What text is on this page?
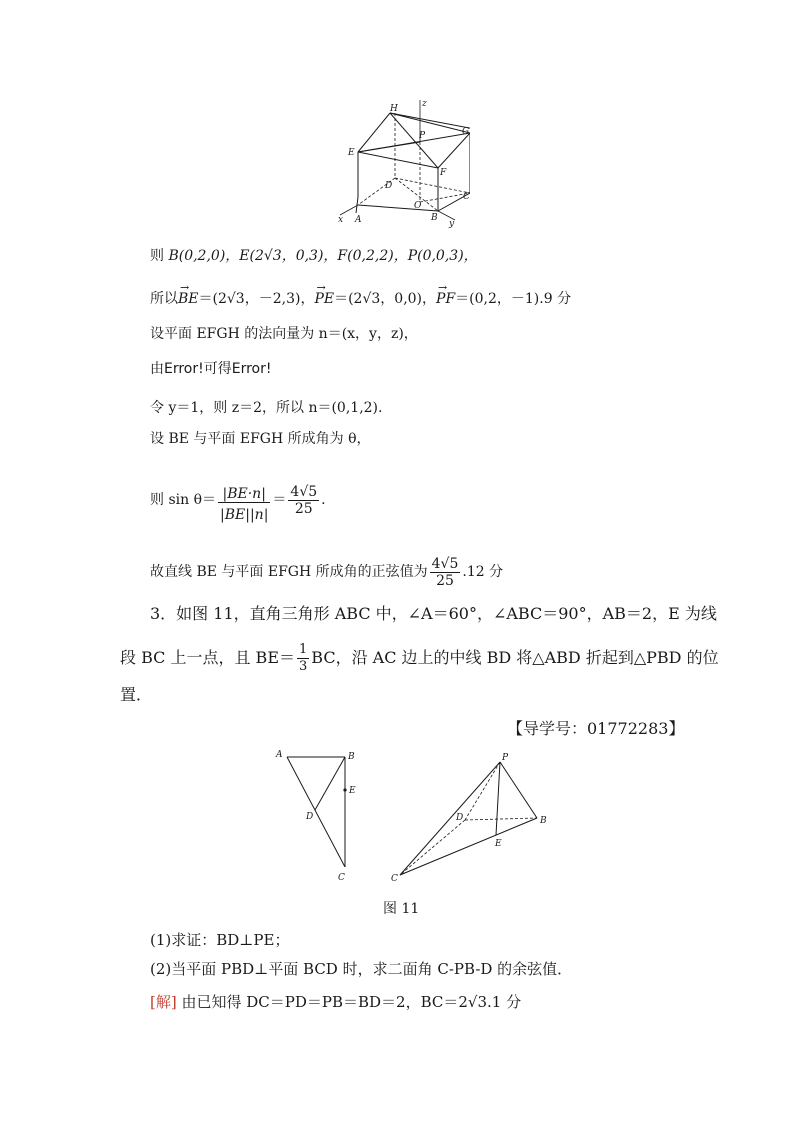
H	z
P	G
E
F
D
C
O
x A	B
y
则 B(0,2,0)，E(2√3，0,3)，F(0,2,2)，P(0,0,3)，
所以→ BE＝(2√3，－2,3)，→ PE＝(2√3，0,0)，→ PF＝(0,2，－1).9 分
设平面 EFGH 的法向量为 n＝(x，y，z)，
由Error!可得Error!
令 y＝1，则 z＝2，所以 n＝(0,1,2).
设 BE 与平面 EFGH 所成角为 θ，
则 $\sin \theta= \frac{|BE\cdot n|}{|BE||n|} = \frac{4√5}{25}$ .
故直线 BE 与平面 EFGH 所成角的正弦值为 $\frac{4√5}{25} .12$ 分
3．如图 11，直角三角形 ABC 中，∠A＝60°，∠ABC＝90°，AB＝2，E 为线
段 BC 上一点，且 $BE= \frac{1}{3}$ BC，沿 AC 边上的中线 BD 将△ABD 折起到△PBD 的位
置．
【导学号：01772283】
A	B
E
D
C
P
D	B
E
C
图 11
(1)求证：BD⊥PE；
(2)当平面 PBD⊥平面 BCD 时，求二面角 C-PB-D 的余弦值．
[解] 由已知得 DC＝PD＝PB＝BD＝2，BC＝2√3.1 分
